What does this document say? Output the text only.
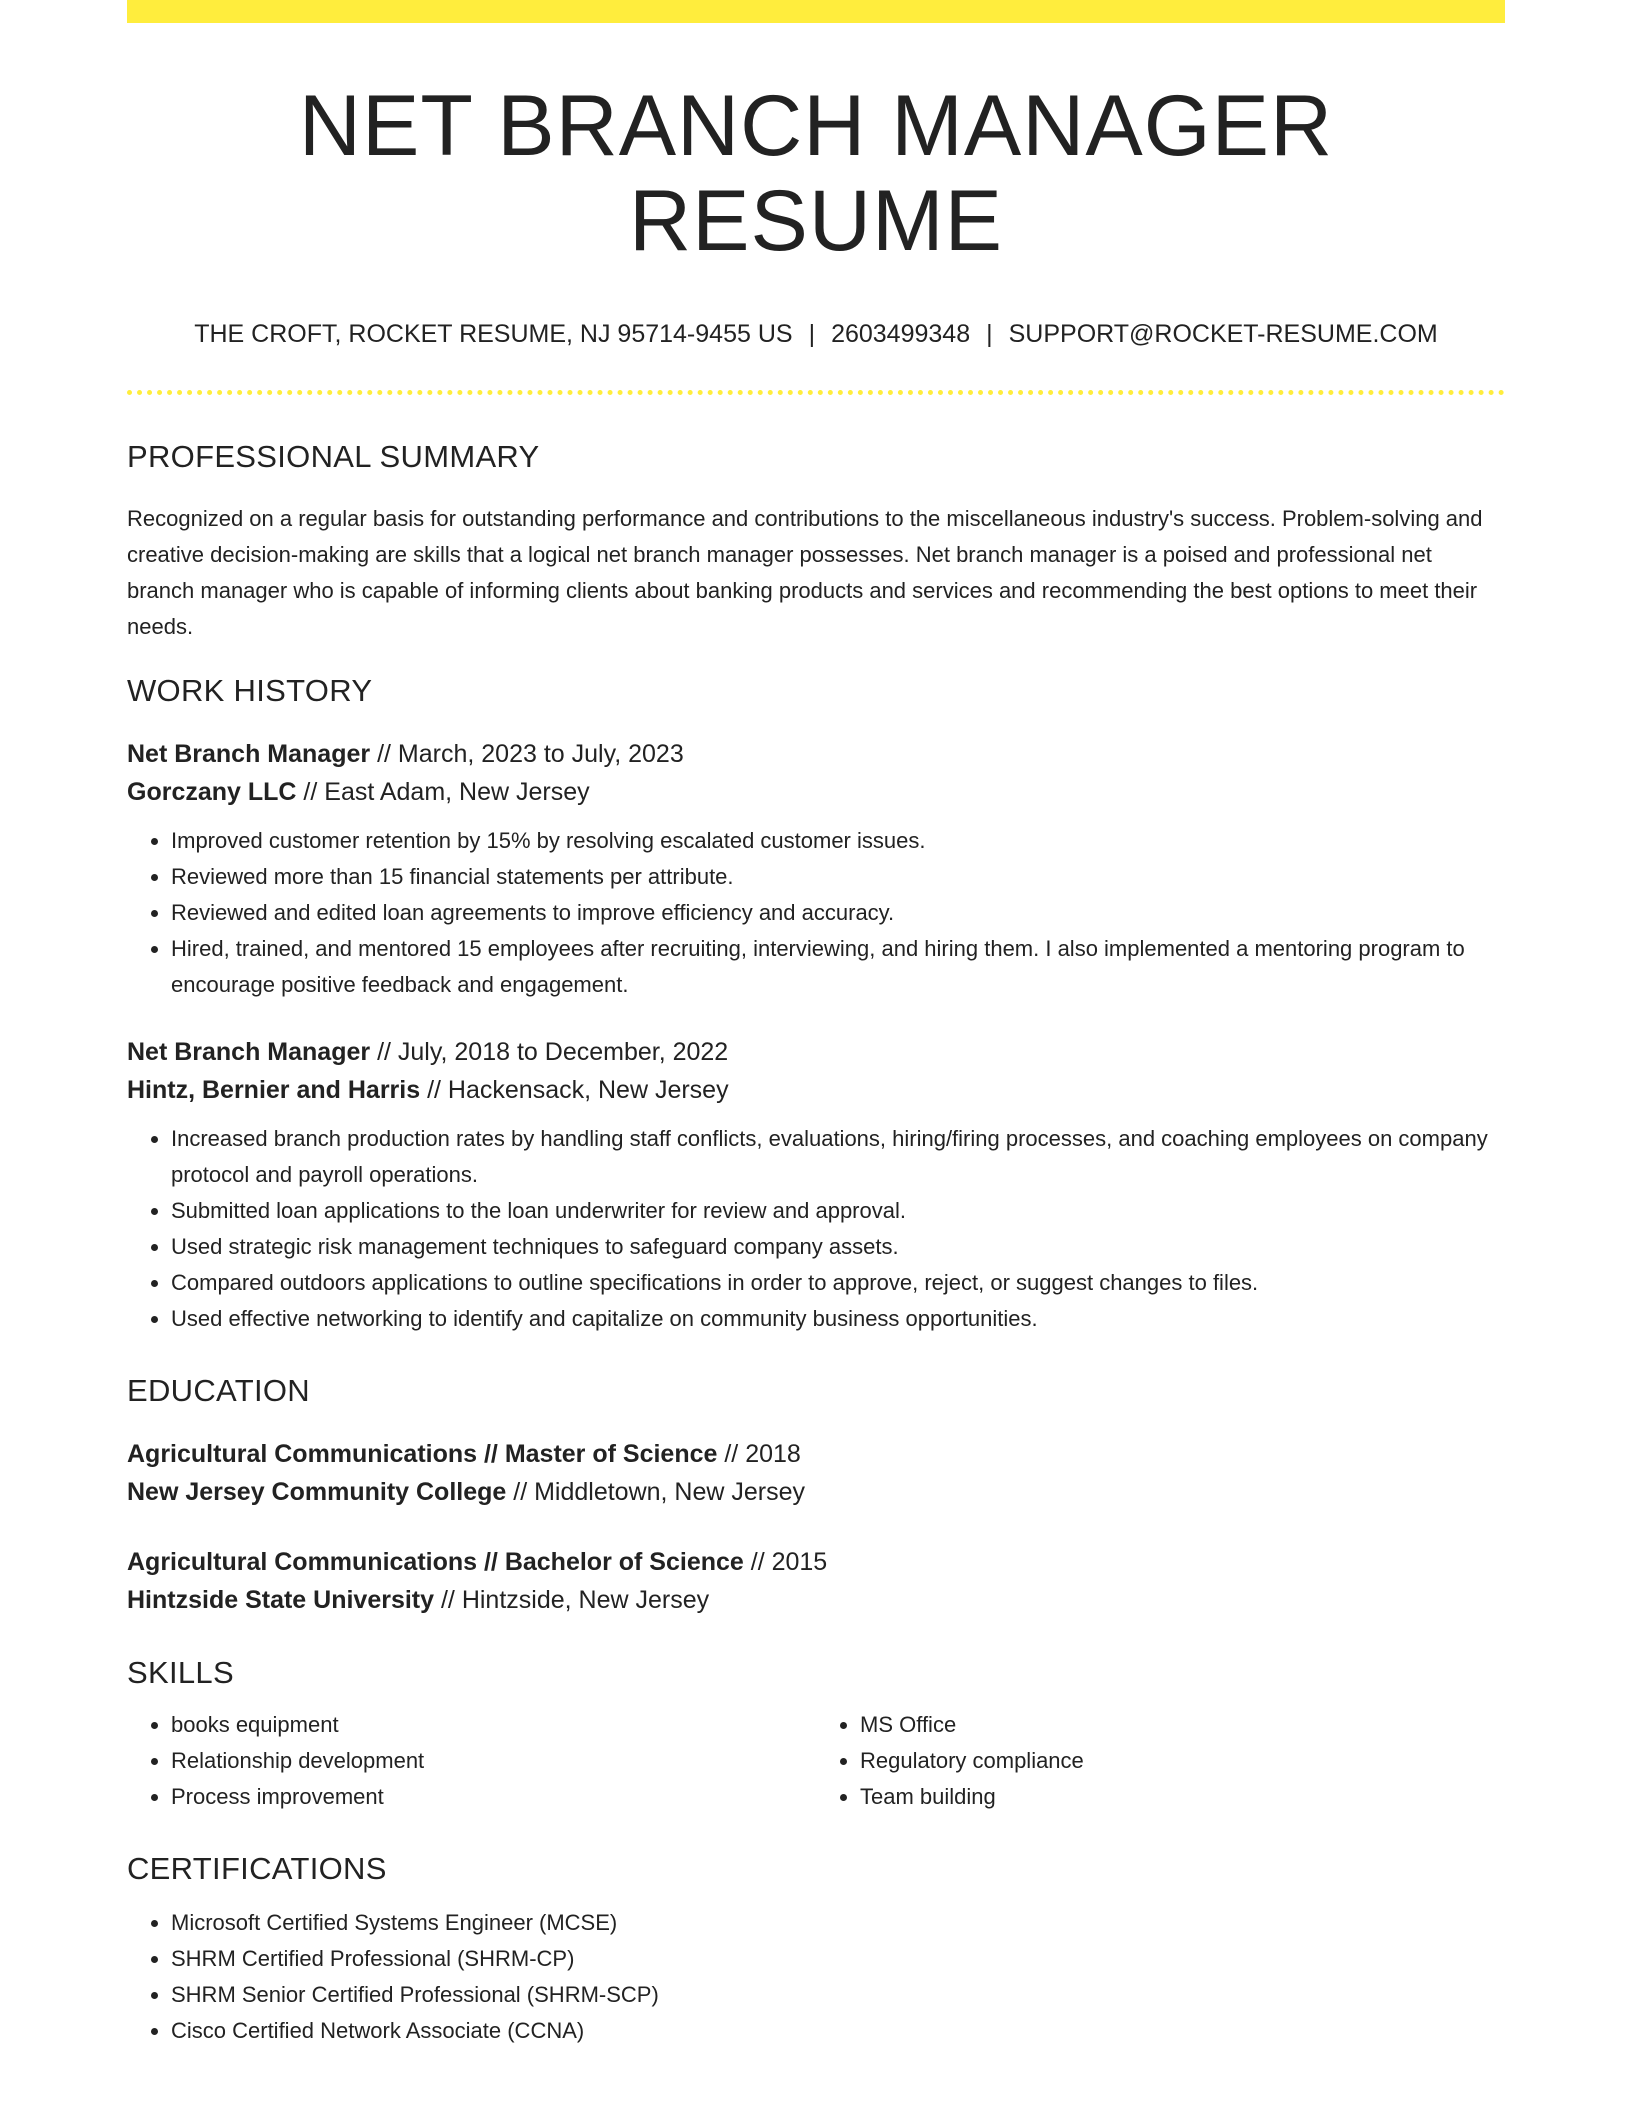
NET BRANCH MANAGER RESUME
THE CROFT, ROCKET RESUME, NJ 95714-9455 US | 2603499348 | SUPPORT@ROCKET-RESUME.COM
PROFESSIONAL SUMMARY
Recognized on a regular basis for outstanding performance and contributions to the miscellaneous industry's success. Problem-solving and creative decision-making are skills that a logical net branch manager possesses. Net branch manager is a poised and professional net branch manager who is capable of informing clients about banking products and services and recommending the best options to meet their needs.
WORK HISTORY
Net Branch Manager // March, 2023 to July, 2023
Gorczany LLC // East Adam, New Jersey
• Improved customer retention by 15% by resolving escalated customer issues.
• Reviewed more than 15 financial statements per attribute.
• Reviewed and edited loan agreements to improve efficiency and accuracy.
• Hired, trained, and mentored 15 employees after recruiting, interviewing, and hiring them. I also implemented a mentoring program to encourage positive feedback and engagement.
Net Branch Manager // July, 2018 to December, 2022
Hintz, Bernier and Harris // Hackensack, New Jersey
• Increased branch production rates by handling staff conflicts, evaluations, hiring/firing processes, and coaching employees on company protocol and payroll operations.
• Submitted loan applications to the loan underwriter for review and approval.
• Used strategic risk management techniques to safeguard company assets.
• Compared outdoors applications to outline specifications in order to approve, reject, or suggest changes to files.
• Used effective networking to identify and capitalize on community business opportunities.
EDUCATION
Agricultural Communications // Master of Science // 2018
New Jersey Community College // Middletown, New Jersey
Agricultural Communications // Bachelor of Science // 2015
Hintzside State University // Hintzside, New Jersey
SKILLS
• books equipment
• Relationship development
• Process improvement
• MS Office
• Regulatory compliance
• Team building
CERTIFICATIONS
• Microsoft Certified Systems Engineer (MCSE)
• SHRM Certified Professional (SHRM-CP)
• SHRM Senior Certified Professional (SHRM-SCP)
• Cisco Certified Network Associate (CCNA)
